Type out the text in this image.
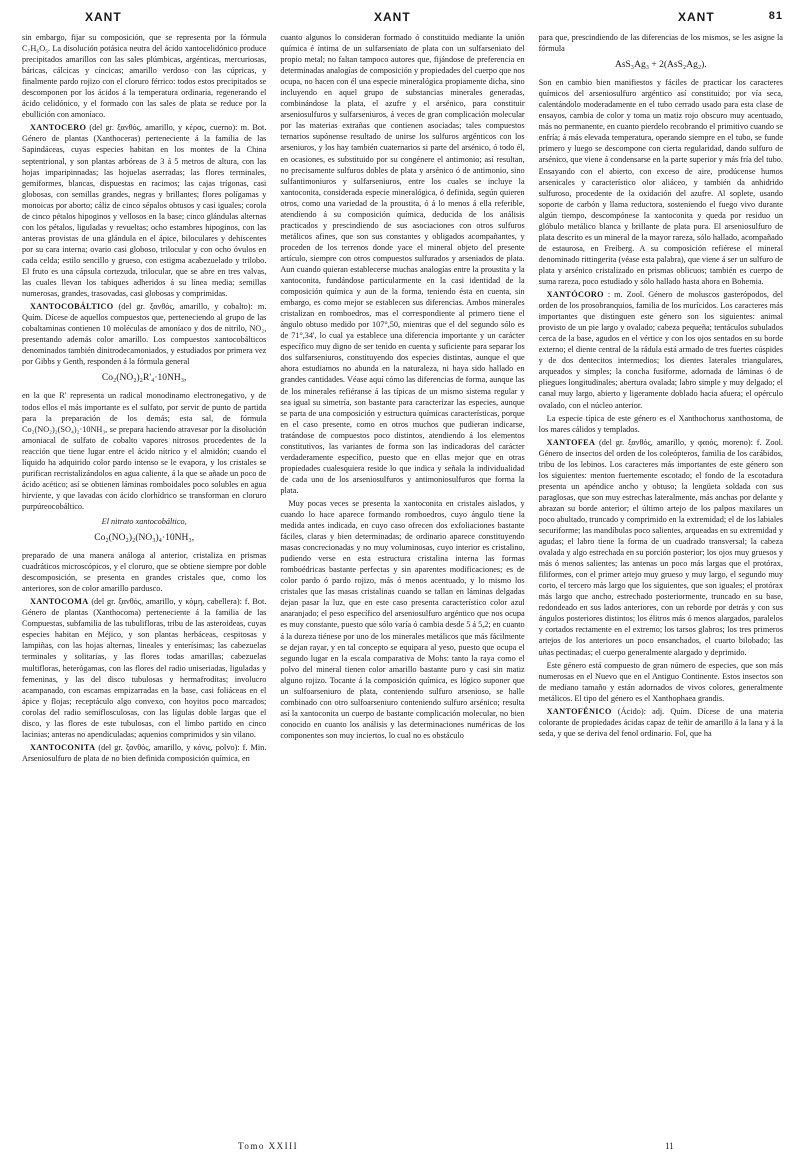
XANT	XANT	XANT	81

sin embargo, fijar su composición, que se representa por la fórmula C₇H₆O₅. La disolución potásica neutra del ácido xantocelidónico produce precipitados amarillos con las sales plúmbicas, argénticas, mercuriosas, báricas, cálcicas y cíncicas; amarillo verdoso con las cúpricas, y finalmente pardo rojizo con el cloruro férrico: todos estos precipitados se descomponen por los ácidos á la temperatura ordinaria, regenerando el ácido celidónico, y el formado con las sales de plata se reduce por la ebullición con amoníaco.

XANTOCERO (del gr. ξανθός, amarillo, y κέρας, cuerno): m. Bot. Género de plantas (Xanthoceras) perteneciente á la familia de las Sapindáceas, cuyas especies habitan en los montes de la China septentrional, y son plantas arbóreas de 3 á 5 metros de altura, con las hojas imparipinnadas; las hojuelas aserradas; las flores terminales, gemiformes, blancas, dispuestas en racimos; las cajas trígonas, casi globosas, con semillas grandes, negras y brillantes; flores polígamas y monoicas por aborto; cáliz de cinco sépalos obtusos y casi iguales; corola de cinco pétalos hipoginos y vellosos en la base; cinco glándulas alternas con los pétalos, liguladas y revueltas; ocho estambres hipoginos, con las anteras provistas de una glándula en el ápice, biloculares y dehiscentes por su cara interna; ovario casi globoso, trilocular y con ocho óvulos en cada celda; estilo sencillo y grueso, con estigma acabezuelado y trilobo. El fruto es una cápsula cortezuda, trilocular, que se abre en tres valvas, las cuales llevan los tabiques adheridos á su línea media; semillas numerosas, grandes, trasovadas, casi globosas y comprimidas.

XANTOCOBÁLTICO (del gr. ξανθός, amarillo, y cobalto): m. Quím. Dícese de aquellos compuestos que, perteneciendo al grupo de las cobaltaminas contienen 10 moléculas de amoníaco y dos de nitrilo, NO₂, presentando además color amarillo. Los compuestos xantocobálticos denominados también dinitrodecamoniados, y estudiados por primera vez por Gibbs y Genth, responden á la fórmula general

Co₂(NO₂)₂R'₄·10NH₃,

en la que R' representa un radical monodinamo electronegativo, y de todos ellos el más importante es el sulfato, por servir de punto de partida para la preparación de los demás; esta sal, de fórmula Co₂(NO₂)₂(SO₄)₂·10NH₃, se prepara haciendo atravesar por la disolución amoniacal de sulfato de cobalto vapores nitrosos procedentes de la reacción que tiene lugar entre el ácido nítrico y el almidón; cuando el líquido ha adquirido color pardo intenso se le evapora, y los cristales se purifican recristalizándolos en agua caliente, á la que se añade un poco de ácido acético; así se obtienen láminas romboidales poco solubles en agua hirviente, y que lavadas con ácido clorhídrico se transforman en cloruro purpúreocobáltico.

El nitrato xantocobáltico,

Co₂(NO₂)₂(NO₃)₄·10NH₃,

preparado de una manera análoga al anterior, cristaliza en prismas cuadráticos microscópicos, y el cloruro, que se obtiene siempre por doble descomposición, se presenta en grandes cristales que, como los anteriores, son de color amarillo pardusco.

XANTOCOMA (del gr. ξανθός, amarillo, y κόμη, cabellera): f. Bot. Género de plantas (Xanthocoma) perteneciente á la familia de las Compuestas, subfamilia de las tubulifloras, tribu de las asteroideas, cuyas especies habitan en Méjico, y son plantas herbáceas, cespitosas y lampiñas, con las hojas alternas, lineales y enterísimas; las cabezuelas terminales y solitarias, y las flores todas amarillas; cabezuelas multifloras, heterógamas, con las flores del radio uniseriadas, liguladas y femeninas, y las del disco tubulosas y hermafroditas; involucro acampanado, con escamas empizarradas en la base, casi foliáceas en el ápice y flojas; receptáculo algo convexo, con hoyitos poco marcados; corolas del radio semiflosculosas, con las lígulas doble largas que el disco, y las flores de este tubulosas, con el limbo partido en cinco lacinias; anteras no apendiculadas; aquenios comprimidos y sin vilano.

XANTOCONITA (del gr. ξανθός, amarillo, y κόνις, polvo): f. Min. Arseniosulfuro de plata de no bien definida composición química, en

cuanto algunos lo consideran formado ó constituido mediante la unión química é íntima de un sulfarseniato de plata con un sulfarseniato del propio metal; no faltan tampoco autores que, fijándose de preferencia en determinadas analogías de composición y propiedades del cuerpo que nos ocupa, no hacen con él una especie mineralógica propiamente dicha, sino incluyendo en aquel grupo de substancias minerales generadas, combinándose la plata, el azufre y el arsénico, para constituir arseniosulfuros y sulfarseniuros, á veces de gran complicación molecular por las materias extrañas que contienen asociadas; tales compuestos ternarios supónense resultado de unirse los sulfuros argénticos con los arseniuros, y los hay también cuaternarios si parte del arsénico, ó todo él, en ocasiones, es substituido por su congénere el antimonio; así resultan, no precisamente sulfuros dobles de plata y arsénico ó de antimonio, sino sulfantimoniuros y sulfarseniuros, entre los cuales se incluye la xantoconita, considerada especie mineralógica, ó definida, según quieren otros, como una variedad de la proustita, ó á lo menos á ella referible, atendiendo á su composición química, deducida de los análisis practicados y prescindiendo de sus asociaciones con otros sulfuros metálicos afines, que son sus constantes y obligados acompañantes, y proceden de los terrenos donde yace el mineral objeto del presente artículo, siempre con otros compuestos sulfurados y arseniados de plata. Aun cuando quieran establecerse muchas analogías entre la proustita y la xantoconita, fundándose particularmente en la casi identidad de la composición química y aun de la forma, teniendo ésta en cuenta, sin embargo, es como mejor se establecen sus diferencias. Ambos minerales cristalizan en romboedros, mas el correspondiente al primero tiene el ángulo obtuso medido por 107°,50, mientras que el del segundo sólo es de 71°,34', lo cual ya establece una diferencia importante y un carácter específico muy digno de ser tenido en cuenta y suficiente para separar los dos sulfarseniuros, constituyendo dos especies distintas, aunque el que ahora estudiamos no abunda en la naturaleza, ni haya sido hallado en grandes cantidades. Véase aquí cómo las diferencias de forma, aunque las de los minerales refiéranse á las típicas de un mismo sistema regular y sea igual su simetría, son bastante para caracterizar las especies, aunque se parta de una composición y estructura químicas características, porque en el caso presente, como en otros muchos que pudieran indicarse, tratándose de compuestos poco distintos, atendiendo á los elementos constitutivos, las variantes de forma son las indicadoras del carácter verdaderamente específico, puesto que en ellas mejor que en otras propiedades cualesquiera reside lo que indica y señala la individualidad de cada uno de los arseniosulfuros y antimoniosulfuros que forma la plata.

Muy pocas veces se presenta la xantoconita en cristales aislados, y cuando lo hace aparece formando romboedros, cuyo ángulo tiene la medida antes indicada, en cuyo caso ofrecen dos exfoliaciones bastante fáciles, claras y bien determinadas; de ordinario aparece constituyendo masas concrecionadas y no muy voluminosas, cuyo interior es cristalino, pudiendo verse en esta estructura cristalina interna las formas romboédricas bastante perfectas y sin aparentes modificaciones; es de color pardo ó pardo rojizo, más ó menos acentuado, y lo mismo los cristales que las masas cristalinas cuando se tallan en láminas delgadas dejan pasar la luz, que en este caso presenta característico color azul anaranjado; el peso específico del arseniosulfuro argéntico que nos ocupa es muy constante, puesto que sólo varía ó cambia desde 5 á 5,2; en cuanto á la dureza tiénese por uno de los minerales metálicos que más fácilmente se dejan rayar, y en tal concepto se equipara al yeso, puesto que ocupa el segundo lugar en la escala comparativa de Mohs: tanto la raya como el polvo del mineral tienen color amarillo bastante puro y casi sin matiz alguno rojizo. Tocante á la composición química, es lógico suponer que un sulfoarseniuro de plata, conteniendo sulfuro arsenioso, se halle combinado con otro sulfoarseniuro conteniendo sulfuro arsénico; resulta así la xantoconita un cuerpo de bastante complicación molecular, no bien conocido en cuanto los análisis y las determinaciones numéricas de los componentes son muy inciertos, lo cual no es obstáculo

para que, prescindiendo de las diferencias de los mismos, se les asigne la fórmula

AsS₃Ag₃ + 2(AsS₂Ag₂).

Son en cambio bien manifiestos y fáciles de practicar los caracteres químicos del arseniosulfuro argéntico así constituido; por vía seca, calentándolo moderadamente en el tubo cerrado usado para esta clase de ensayos, cambia de color y toma un matiz rojo obscuro muy acentuado, más no permanente, en cuanto pierdelo recobrando el primitivo cuando se enfría; á más elevada temperatura, operando siempre en el tubo, se funde primero y luego se descompone con cierta regularidad, dando sulfuro de arsénico, que viene á condensarse en la parte superior y más fría del tubo. Ensayando con el abierto, con exceso de aire, prodúcense humos arsenicales y característico olor aliáceo, y también da anhidrido sulfuroso, procedente de la oxidación del azufre. Al soplete, usando soporte de carbón y llama reductora, sosteniendo el fuego vivo durante algún tiempo, descompónese la xantoconita y queda por residuo un glóbulo metálico blanca y brillante de plata pura. El arseniosulfuro de plata descrito es un mineral de la mayor rareza, sólo hallado, acompañado de estaurosa, en Freiberg. A su composición refiérese el mineral denominado rittingerita (véase esta palabra), que viene á ser un sulfuro de plata y arsénico cristalizado en prismas oblicuos; también es cuerpo de suma rareza, poco estudiado y sólo hallado hasta ahora en Bohemia.

XANTÓCORO : m. Zool. Género de moluscos gasterópodos, del orden de los prosobranquios, familia de los murícidos. Los caracteres más importantes que distinguen este género son los siguientes: animal provisto de un pie largo y ovalado; cabeza pequeña; tentáculos subulados cerca de la base, agudos en el vértice y con los ojos sentados en su borde externo; el diente central de la rádula está armado de tres fuertes cúspides y de dos dentecitos intermedios; los dientes laterales triangulares, arqueados y simples; la concha fusiforme, adornada de láminas ó de pliegues longitudinales; abertura ovalada; labro simple y muy delgado; el canal muy largo, abierto y ligeramente doblado hacia afuera; el opérculo ovalado, con el núcleo anterior.

La especie típica de este género es el Xanthochorus xanthostoma, de los mares cálidos y templados.

XANTOFEA (del gr. ξανθός, amarillo, y φαιός, moreno): f. Zool. Género de insectos del orden de los coleópteros, familia de los carábidos, tribu de los lebinos. Los caracteres más importantes de este género son los siguientes: menton fuertemente escotado; el fondo de la escotadura presenta un apéndice ancho y obtuso; la lengüeta soldada con sus paraglosas, que son muy estrechas lateralmente, más anchas por delante y abrazan su borde anterior; el último artejo de los palpos maxilares un poco abultado, truncado y comprimido en la extremidad; el de los labiales securiforme; las mandíbulas poco salientes, arqueadas en su extremidad y agudas; el labro tiene la forma de un cuadrado transversal; la cabeza ovalada y algo estrechada en su porción posterior; los ojos muy gruesos y más ó menos salientes; las antenas un poco más largas que el protórax, filiformes, con el primer artejo muy grueso y muy largo, el segundo muy corto, el tercero más largo que los siguientes, que son iguales; el protórax más largo que ancho, estrechado posteriormente, truncado en su base, redondeado en sus lados anteriores, con un reborde por detrás y con sus ángulos posteriores distintos; los élitros más ó menos alargados, paralelos y cortados rectamente en el extremo; los tarsos glabros; los tres primeros artejos de los anteriores un poco ensanchados, el cuarto bilobado; las uñas pectinadas; el cuerpo generalmente alargado y deprimido.

Este género está compuesto de gran número de especies, que son más numerosas en el Nuevo que en el Antiguo Continente. Estos insectos son de mediano tamaño y están adornados de vivos colores, generalmente metálicos. El tipo del género es el Xanthophaea grandis.

XANTOFÉNICO (Ácido): adj. Quím. Dícese de una materia colorante de propiedades ácidas capaz de teñir de amarillo á la lana y á la seda, y que se deriva del fenol ordinario. Fol, que ha

Tomo XXIII	11
